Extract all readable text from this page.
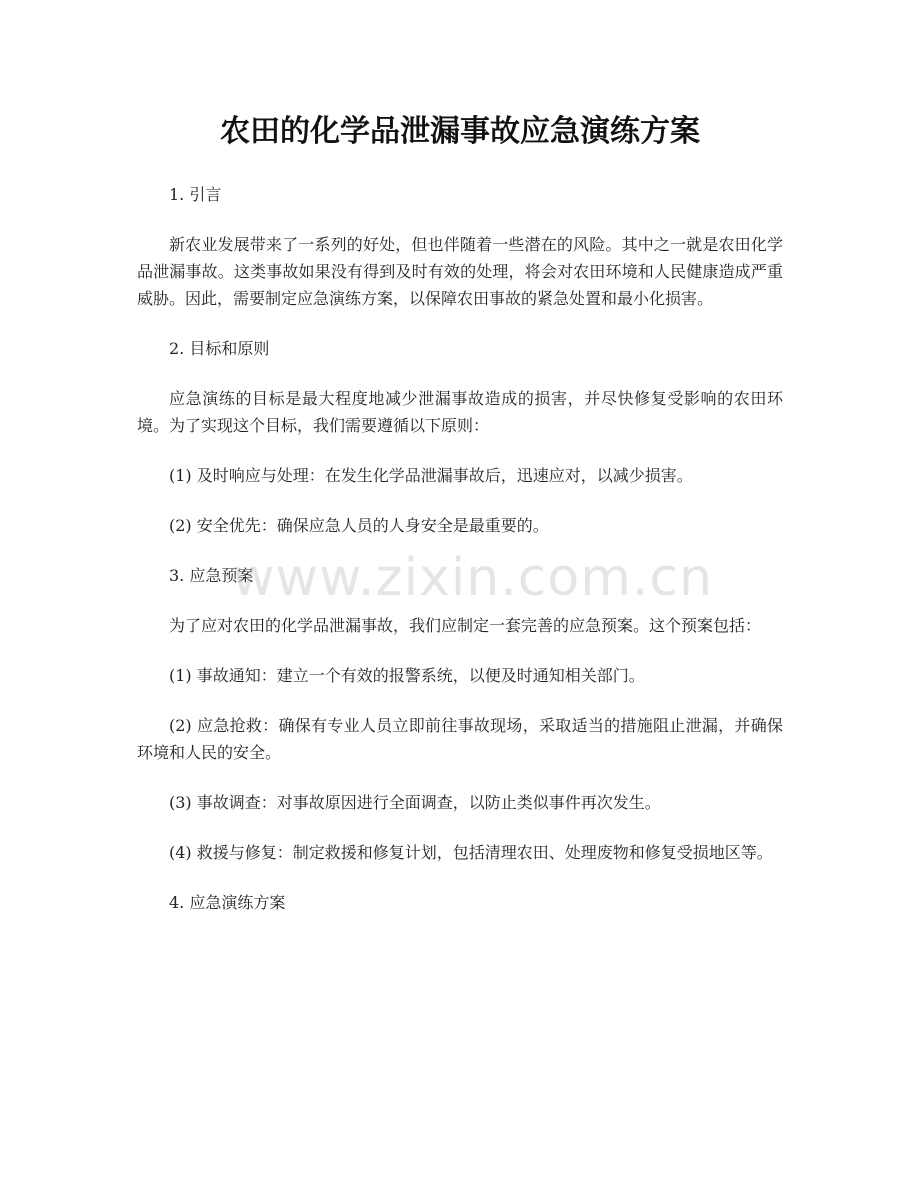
农田的化学品泄漏事故应急演练方案

1. 引言

新农业发展带来了一系列的好处，但也伴随着一些潜在的风险。其中之一就是农田化学品泄漏事故。这类事故如果没有得到及时有效的处理，将会对农田环境和人民健康造成严重威胁。因此，需要制定应急演练方案，以保障农田事故的紧急处置和最小化损害。

2. 目标和原则

应急演练的目标是最大程度地减少泄漏事故造成的损害，并尽快修复受影响的农田环境。为了实现这个目标，我们需要遵循以下原则：

(1) 及时响应与处理：在发生化学品泄漏事故后，迅速应对，以减少损害。

(2) 安全优先：确保应急人员的人身安全是最重要的。

3. 应急预案

为了应对农田的化学品泄漏事故，我们应制定一套完善的应急预案。这个预案包括：

(1) 事故通知：建立一个有效的报警系统，以便及时通知相关部门。

(2) 应急抢救：确保有专业人员立即前往事故现场，采取适当的措施阻止泄漏，并确保环境和人民的安全。

(3) 事故调查：对事故原因进行全面调查，以防止类似事件再次发生。

(4) 救援与修复：制定救援和修复计划，包括清理农田、处理废物和修复受损地区等。

4. 应急演练方案

www.zixin.com.cn
